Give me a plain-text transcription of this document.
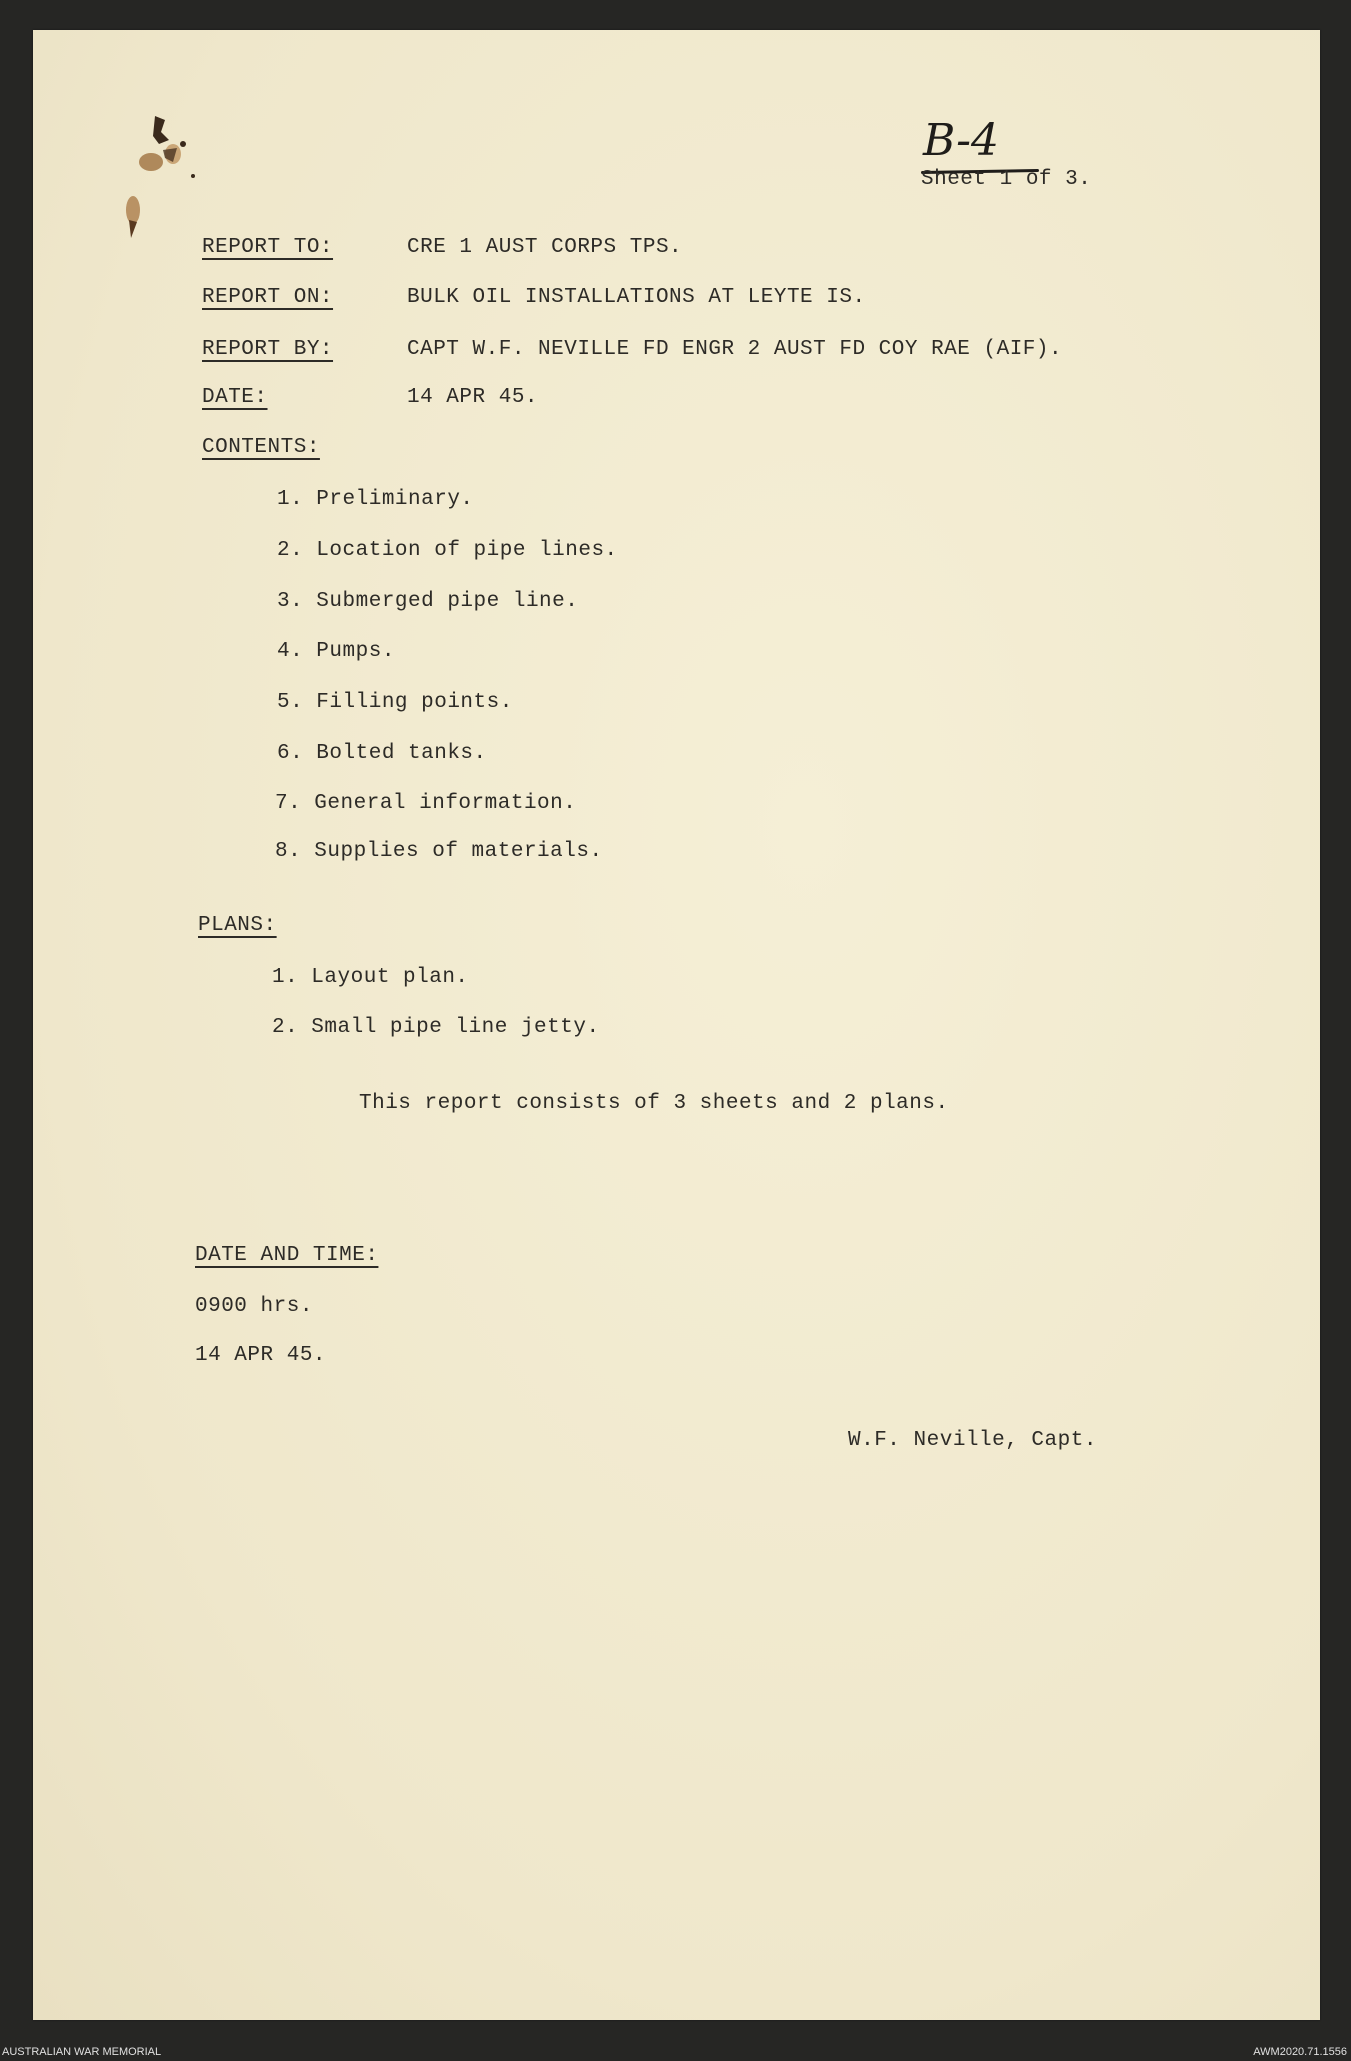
B-4
Sheet 1 of 3.
REPORT TO:	CRE 1 AUST CORPS TPS.
REPORT ON:	BULK OIL INSTALLATIONS AT LEYTE IS.
REPORT BY:	CAPT W.F. NEVILLE FD ENGR 2 AUST FD COY RAE (AIF).
DATE:	14 APR 45.
CONTENTS:
1. Preliminary.
2. Location of pipe lines.
3. Submerged pipe line.
4. Pumps.
5. Filling points.
6. Bolted tanks.
7. General information.
8. Supplies of materials.
PLANS:
1. Layout plan.
2. Small pipe line jetty.
This report consists of 3 sheets and 2 plans.
DATE AND TIME:
0900 hrs.
14 APR 45.
W.F. Neville, Capt.
AUSTRALIAN WAR MEMORIAL	AWM2020.71.1556
